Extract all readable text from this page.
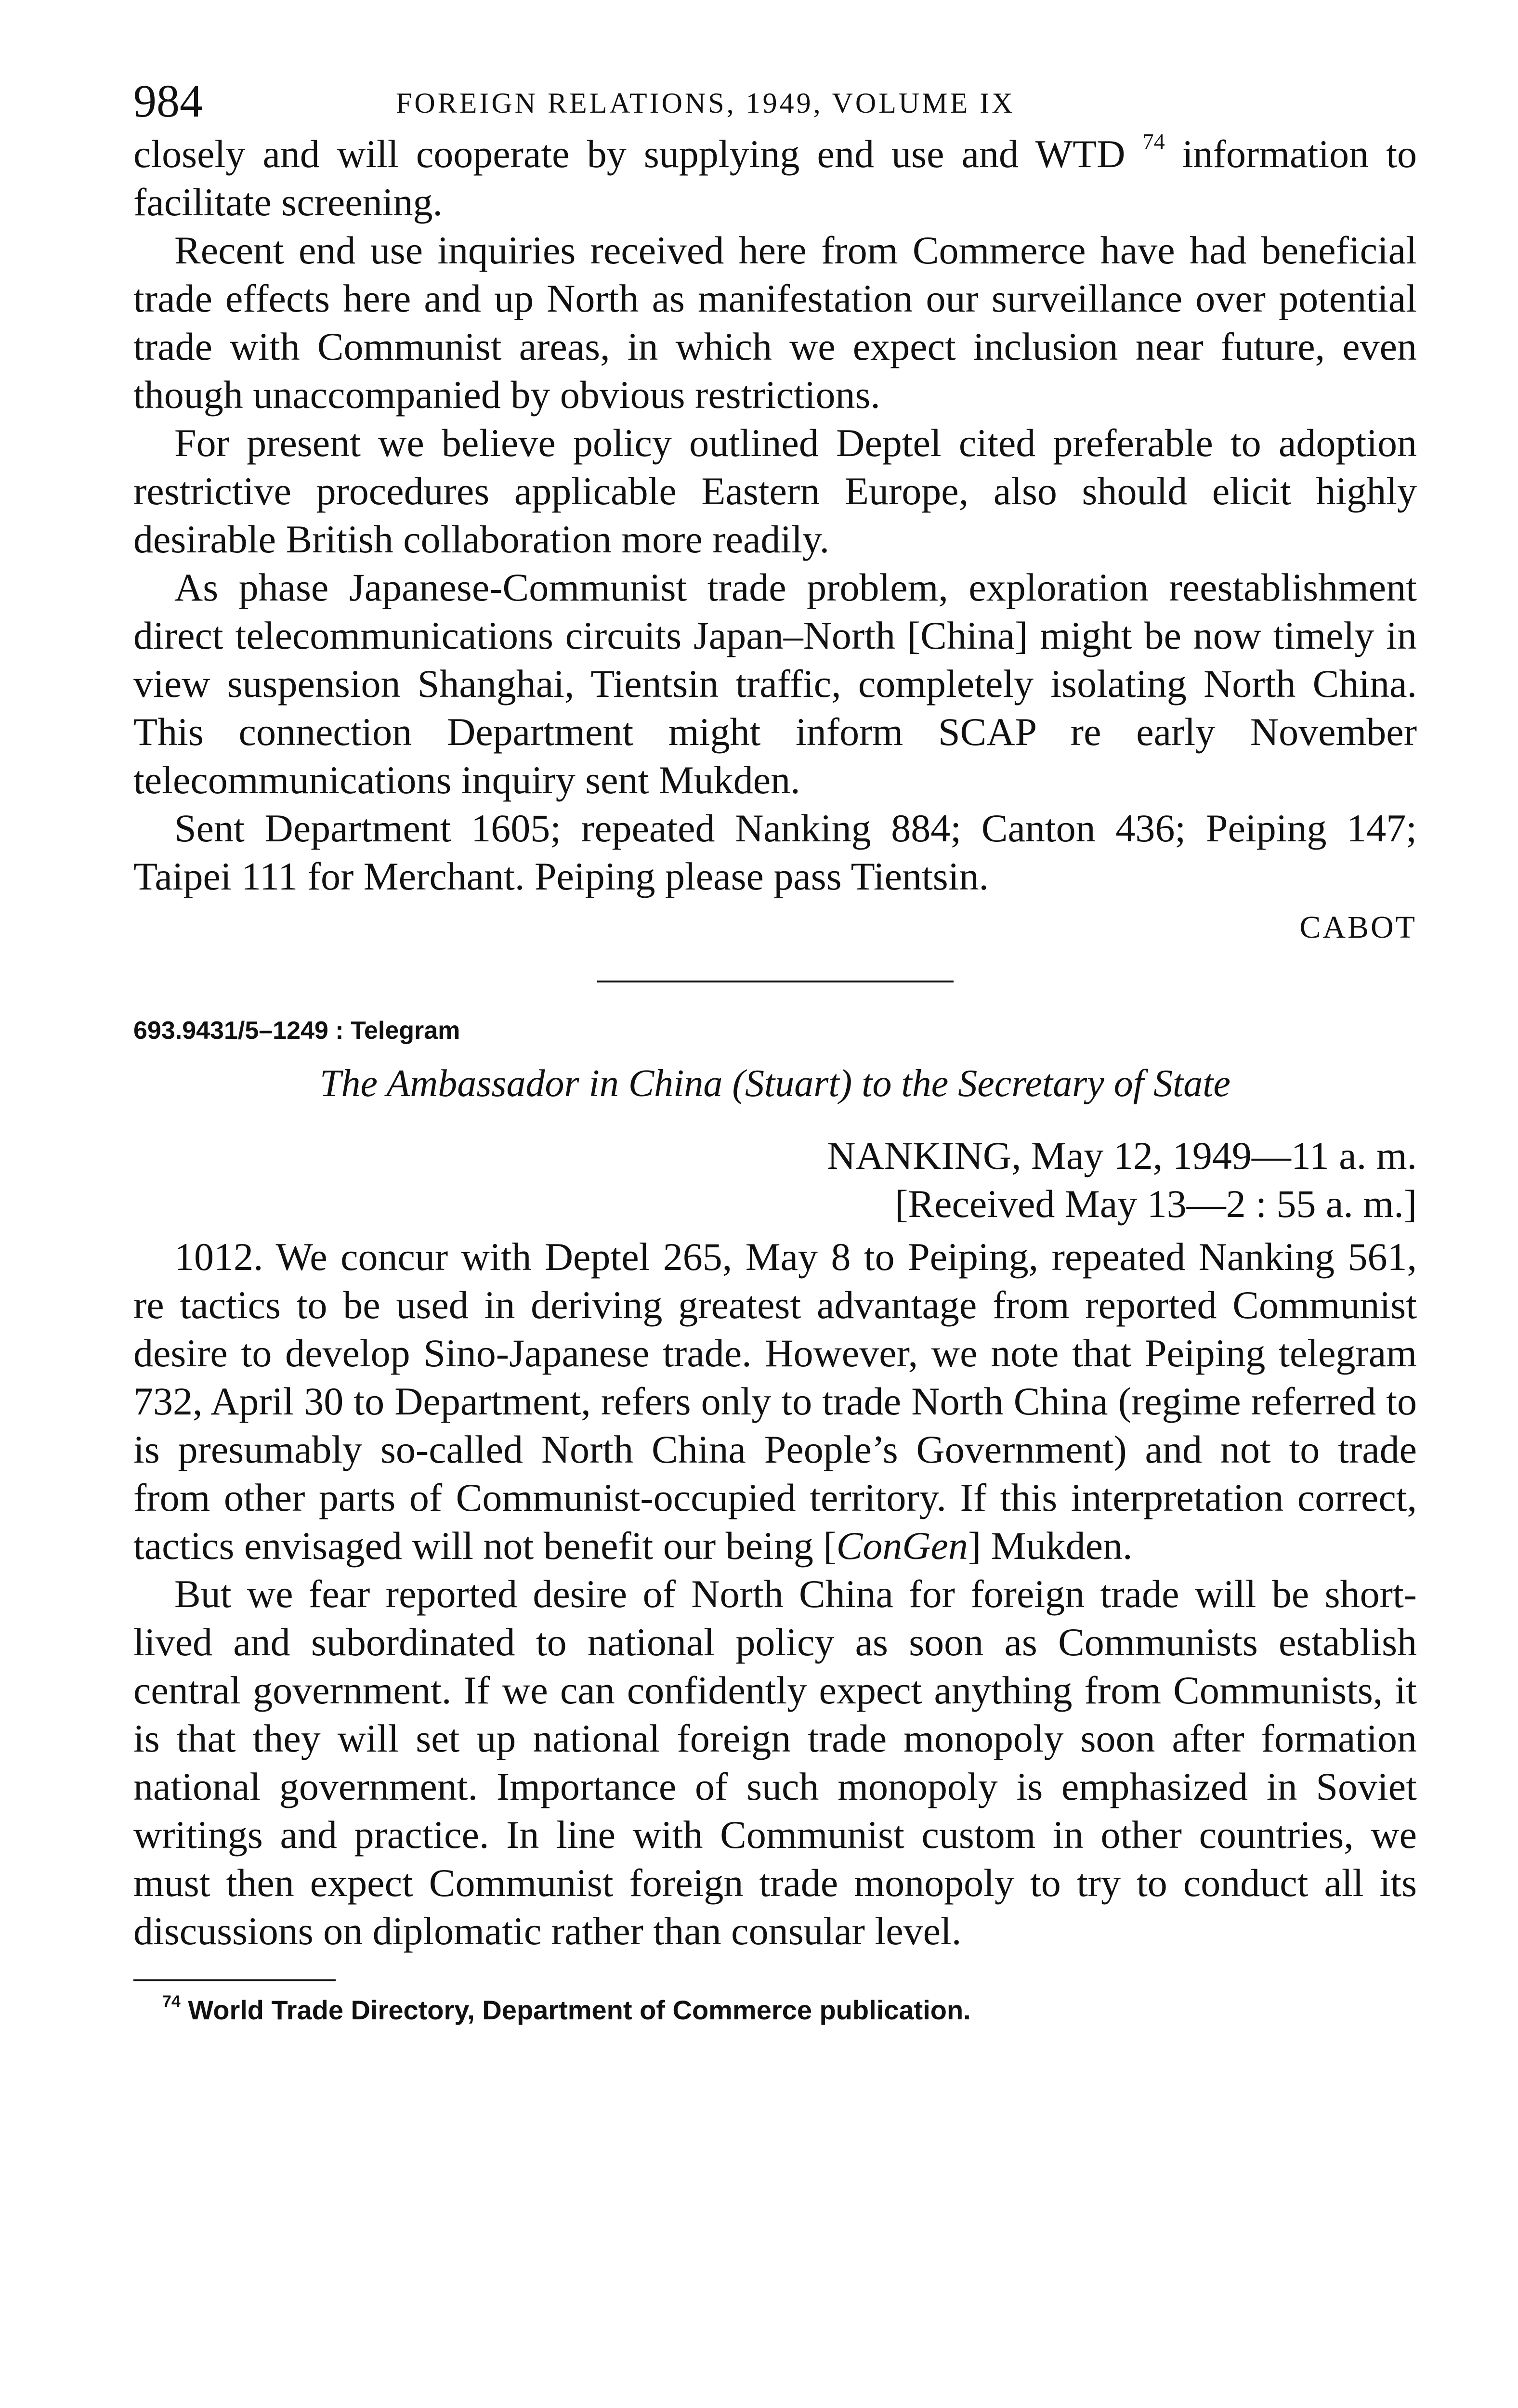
984	FOREIGN RELATIONS, 1949, VOLUME IX

closely and will cooperate by supplying end use and WTD $^{74}$ information to facilitate screening.

Recent end use inquiries received here from Commerce have had beneficial trade effects here and up North as manifestation our surveillance over potential trade with Communist areas, in which we expect inclusion near future, even though unaccompanied by obvious restrictions.

For present we believe policy outlined Deptel cited preferable to adoption restrictive procedures applicable Eastern Europe, also should elicit highly desirable British collaboration more readily.

As phase Japanese-Communist trade problem, exploration reestablishment direct telecommunications circuits Japan–North [China] might be now timely in view suspension Shanghai, Tientsin traffic, completely isolating North China. This connection Department might inform SCAP re early November telecommunications inquiry sent Mukden.

Sent Department 1605; repeated Nanking 884; Canton 436; Peiping 147; Taipei 111 for Merchant. Peiping please pass Tientsin.

CABOT
693.9431/5–1249 : Telegram
The Ambassador in China (Stuart) to the Secretary of State
NANKING, May 12, 1949—11 a. m.
[Received May 13—2 : 55 a. m.]

1012. We concur with Deptel 265, May 8 to Peiping, repeated Nanking 561, re tactics to be used in deriving greatest advantage from reported Communist desire to develop Sino-Japanese trade. However, we note that Peiping telegram 732, April 30 to Department, refers only to trade North China (regime referred to is presumably so-called North China People’s Government) and not to trade from other parts of Communist-occupied territory. If this interpretation correct, tactics envisaged will not benefit our being [ConGen] Mukden.

But we fear reported desire of North China for foreign trade will be short-lived and subordinated to national policy as soon as Communists establish central government. If we can confidently expect anything from Communists, it is that they will set up national foreign trade monopoly soon after formation national government. Importance of such monopoly is emphasized in Soviet writings and practice. In line with Communist custom in other countries, we must then expect Communist foreign trade monopoly to try to conduct all its discussions on diplomatic rather than consular level.

$^{74}$ World Trade Directory, Department of Commerce publication.
